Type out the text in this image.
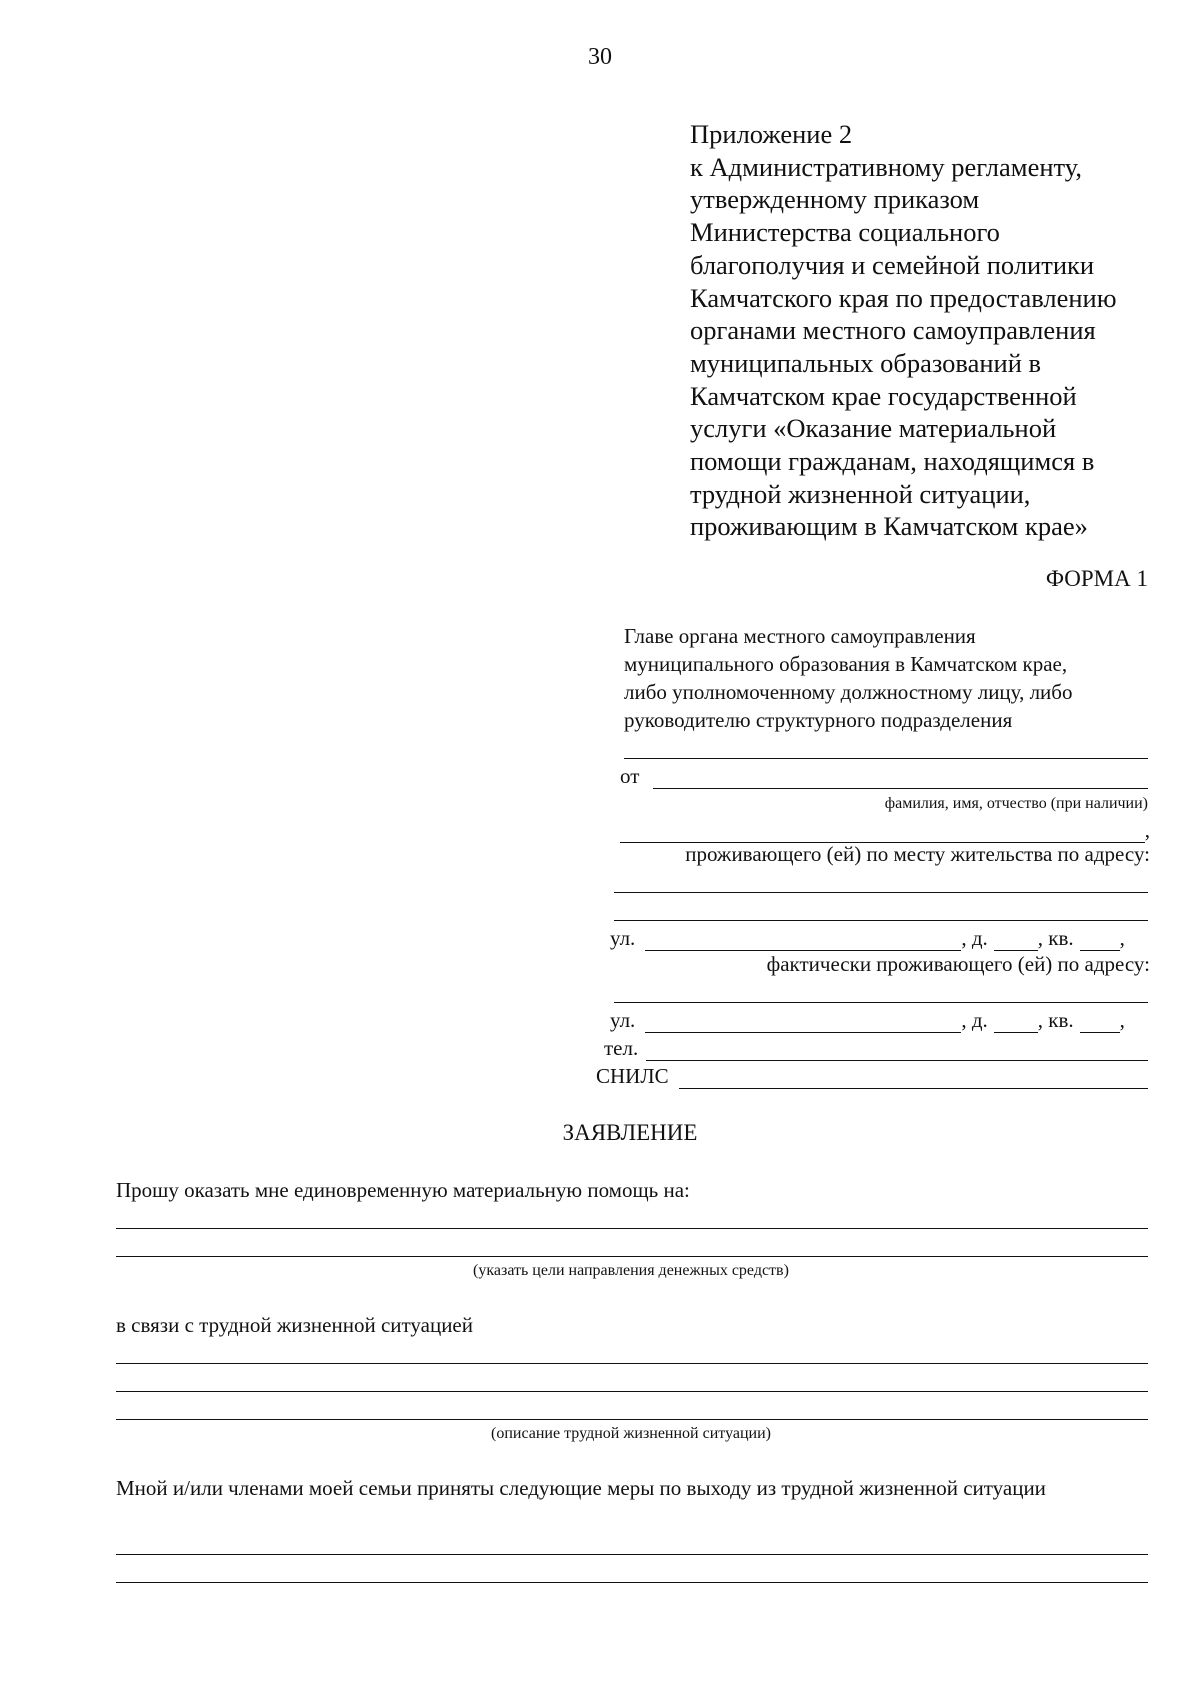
30
Приложение 2
к Административному регламенту,
утвержденному приказом
Министерства социального
благополучия и семейной политики
Камчатского края по предоставлению
органами местного самоуправления
муниципальных образований в
Камчатском крае государственной
услуги «Оказание материальной
помощи гражданам, находящимся в
трудной жизненной ситуации,
проживающим в Камчатском крае»
ФОРМА 1
Главе органа местного самоуправления
муниципального образования в Камчатском крае,
либо уполномоченному должностному лицу, либо
руководителю структурного подразделения
от
фамилия, имя, отчество (при наличии)
,
проживающего (ей) по месту жительства по адресу:
ул.	, д. , кв. ,
фактически проживающего (ей) по адресу:
ул.	, д. , кв. ,
тел.
СНИЛС
ЗАЯВЛЕНИЕ
Прошу оказать мне единовременную материальную помощь на:
(указать цели направления денежных средств)
в связи с трудной жизненной ситуацией
(описание трудной жизненной ситуации)
Мной и/или членами моей семьи приняты следующие меры по выходу из трудной жизненной ситуации
